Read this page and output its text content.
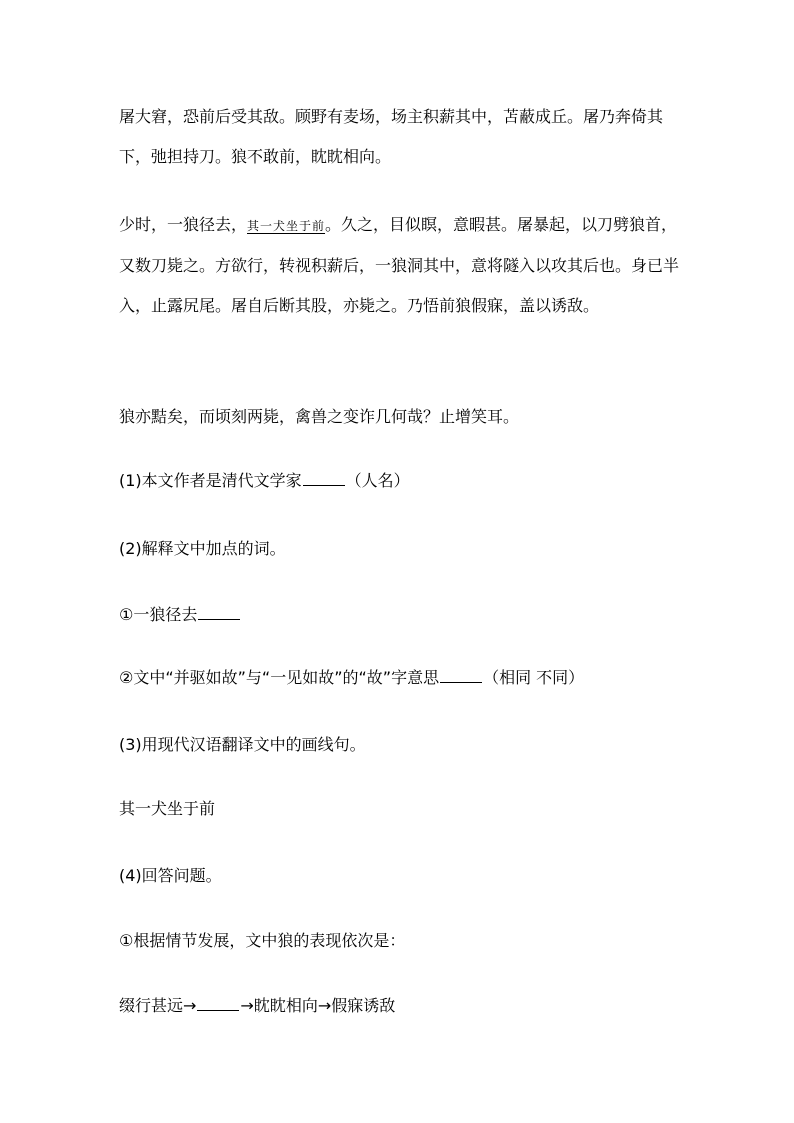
屠大窘，恐前后受其敌。顾野有麦场，场主积薪其中，苫蔽成丘。屠乃奔倚其下，弛担持刀。狼不敢前，眈眈相向。

少时，一狼径去，其一犬坐于前。久之，目似瞑，意暇甚。屠暴起，以刀劈狼首，又数刀毙之。方欲行，转视积薪后，一狼洞其中，意将隧入以攻其后也。身已半入，止露尻尾。屠自后断其股，亦毙之。乃悟前狼假寐，盖以诱敌。

狼亦黠矣，而顷刻两毙，禽兽之变诈几何哉？止增笑耳。

(1)本文作者是清代文学家	（人名）

(2)解释文中加点的词。

①一狼径去

②文中“并驱如故”与“一见如故”的“故”字意思	（相同 不同）

(3)用现代汉语翻译文中的画线句。

其一犬坐于前

(4)回答问题。

①根据情节发展，文中狼的表现依次是：

缀行甚远→	→眈眈相向→假寐诱敌
